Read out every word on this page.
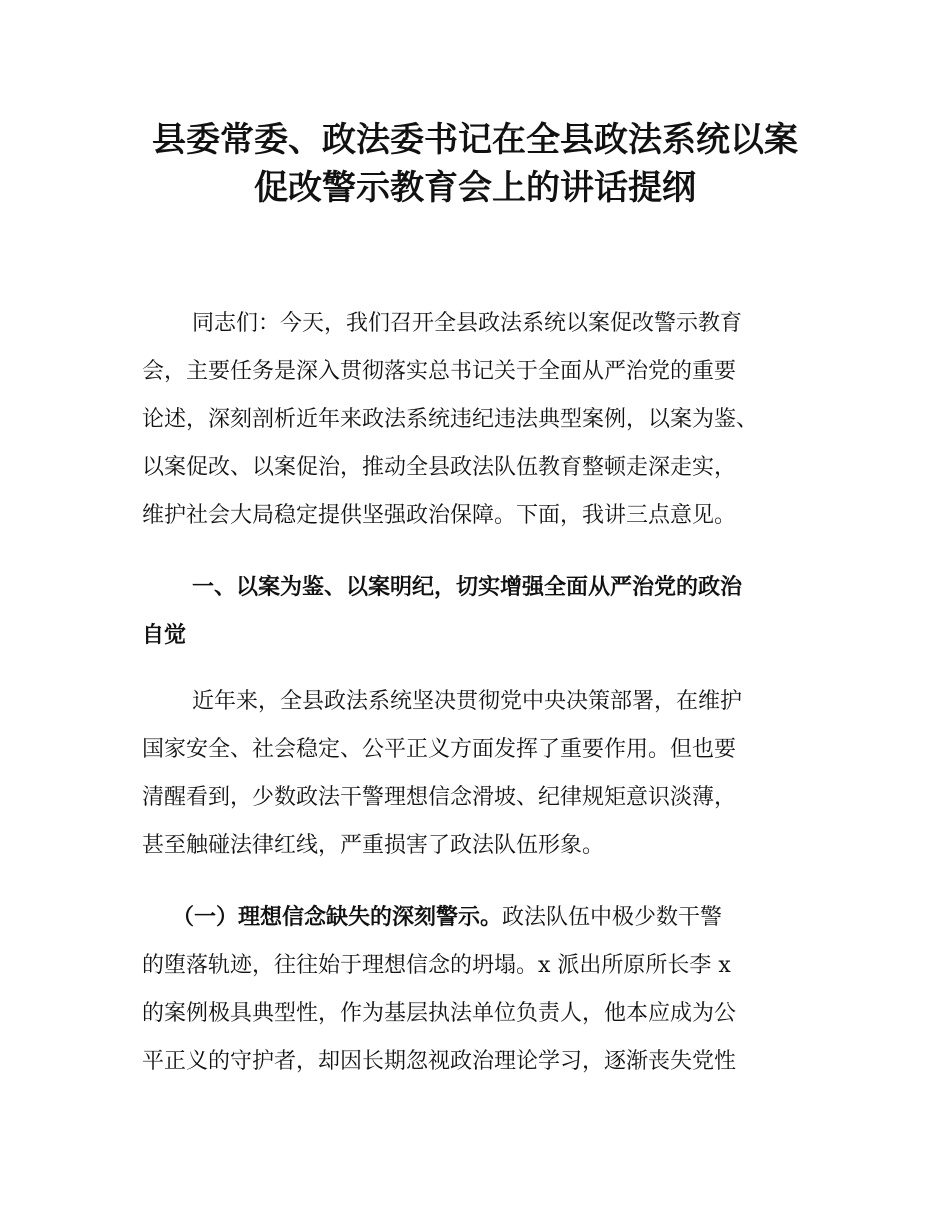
县委常委、政法委书记在全县政法系统以案
促改警示教育会上的讲话提纲
同志们：今天，我们召开全县政法系统以案促改警示教育
会，主要任务是深入贯彻落实总书记关于全面从严治党的重要
论述，深刻剖析近年来政法系统违纪违法典型案例，以案为鉴、
以案促改、以案促治，推动全县政法队伍教育整顿走深走实，
维护社会大局稳定提供坚强政治保障。下面，我讲三点意见。
一、以案为鉴、以案明纪，切实增强全面从严治党的政治
自觉
近年来，全县政法系统坚决贯彻党中央决策部署，在维护
国家安全、社会稳定、公平正义方面发挥了重要作用。但也要
清醒看到，少数政法干警理想信念滑坡、纪律规矩意识淡薄，
甚至触碰法律红线，严重损害了政法队伍形象。
（一）理想信念缺失的深刻警示。政法队伍中极少数干警
的堕落轨迹，往往始于理想信念的坍塌。x 派出所原所长李 x
的案例极具典型性，作为基层执法单位负责人，他本应成为公
平正义的守护者，却因长期忽视政治理论学习，逐渐丧失党性
